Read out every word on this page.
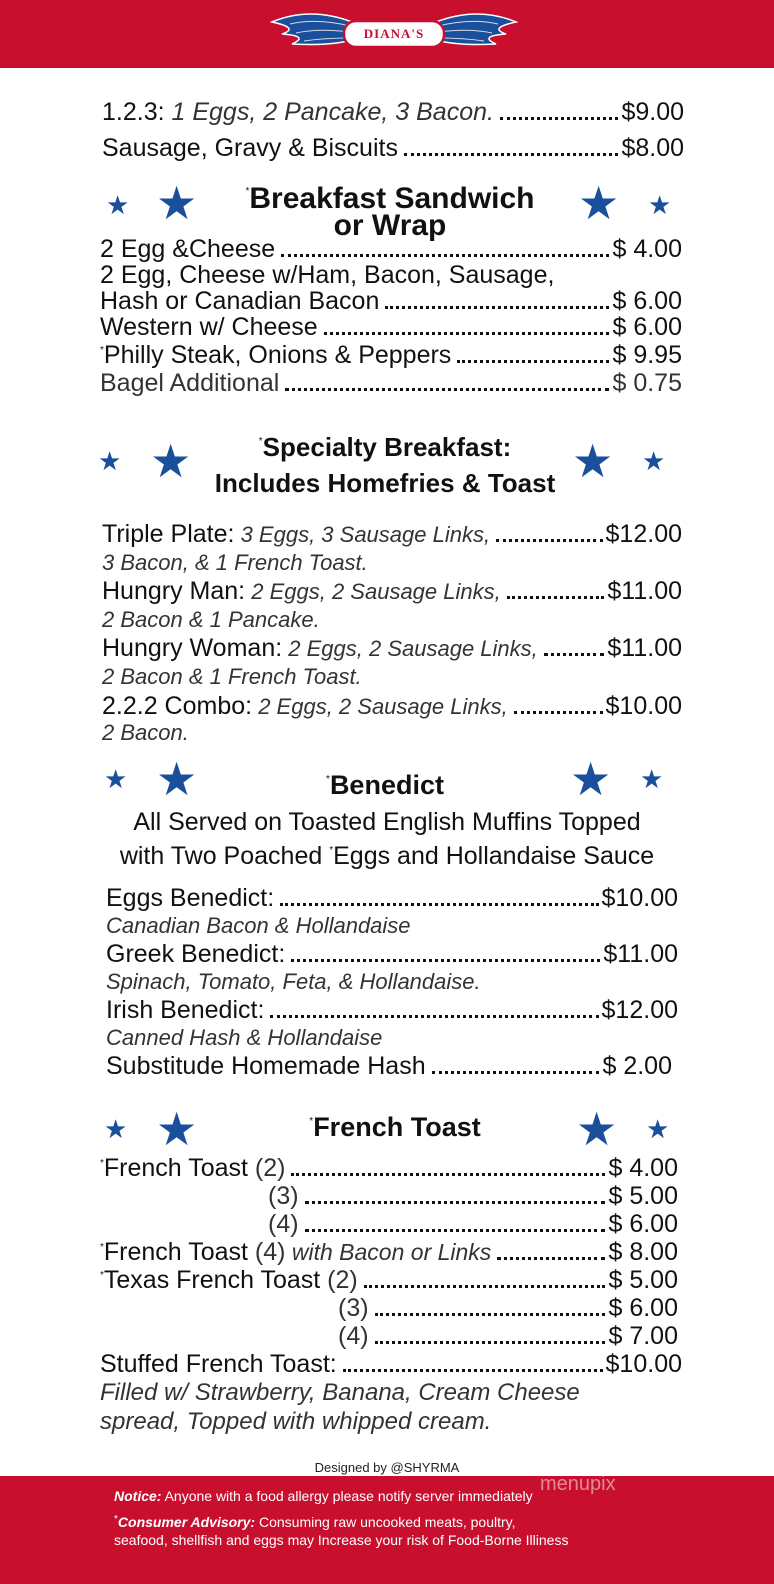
DIANA'S
1.2.3: 1 Eggs, 2 Pancake, 3 Bacon.	$9.00
Sausage, Gravy & Biscuits	$8.00
★ ★	★ ★
*Breakfast Sandwich
or Wrap
2 Egg &Cheese	$ 4.00
2 Egg, Cheese w/Ham, Bacon, Sausage,
Hash or Canadian Bacon	$ 6.00
Western w/ Cheese	$ 6.00
*Philly Steak, Onions & Peppers	$ 9.95
Bagel Additional	$ 0.75
★ ★	★ ★
*Specialty Breakfast:
Includes Homefries & Toast
Triple Plate: 3 Eggs, 3 Sausage Links,	$12.00
3 Bacon, & 1 French Toast.
Hungry Man: 2 Eggs, 2 Sausage Links,	$11.00
2 Bacon & 1 Pancake.
Hungry Woman: 2 Eggs, 2 Sausage Links,	$11.00
2 Bacon & 1 French Toast.
2.2.2 Combo: 2 Eggs, 2 Sausage Links,	$10.00
2 Bacon.
★ ★	★ ★
*Benedict
All Served on Toasted English Muffins Topped
with Two Poached *Eggs and Hollandaise Sauce
Eggs Benedict:	$10.00
Canadian Bacon & Hollandaise
Greek Benedict:	$11.00
Spinach, Tomato, Feta, & Hollandaise.
Irish Benedict:	$12.00
Canned Hash & Hollandaise
Substitude Homemade Hash	$ 2.00
★ ★	★ ★
*French Toast
*French Toast (2)	$ 4.00
(3)	$ 5.00
(4)	$ 6.00
*French Toast (4) with Bacon or Links	$ 8.00
*Texas French Toast (2)	$ 5.00
(3)	$ 6.00
(4)	$ 7.00
Stuffed French Toast:	$10.00
Filled w/ Strawberry, Banana, Cream Cheese
spread, Topped with whipped cream.
Designed by @SHYRMA
menupix
Notice: Anyone with a food allergy please notify server immediately
*Consumer Advisory: Consuming raw uncooked meats, poultry,
seafood, shellfish and eggs may Increase your risk of Food-Borne Illiness
